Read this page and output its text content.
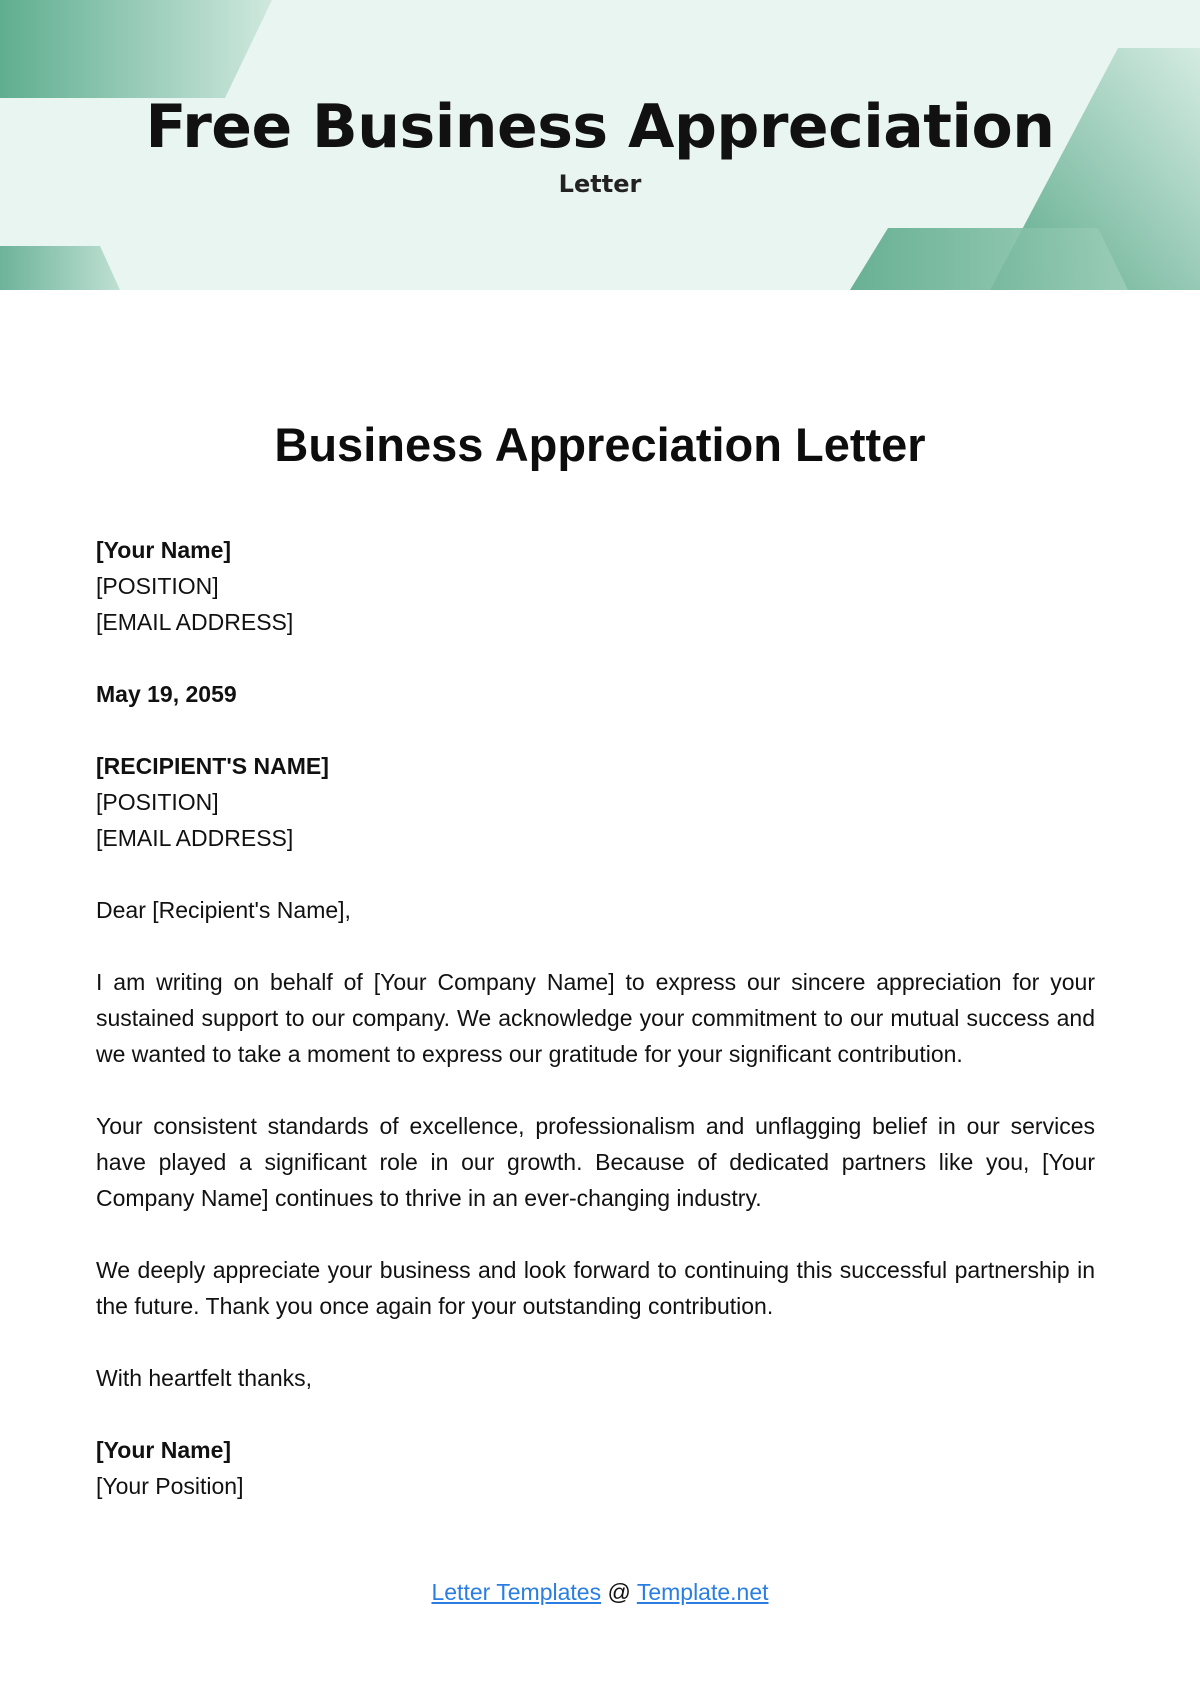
Free Business Appreciation
Letter
Business Appreciation Letter
[Your Name]
[POSITION]
[EMAIL ADDRESS]
May 19, 2059
[RECIPIENT'S NAME]
[POSITION]
[EMAIL ADDRESS]
Dear [Recipient's Name],
I am writing on behalf of [Your Company Name] to express our sincere appreciation for your sustained support to our company. We acknowledge your commitment to our mutual success and we wanted to take a moment to express our gratitude for your significant contribution.
Your consistent standards of excellence, professionalism and unflagging belief in our services have played a significant role in our growth. Because of dedicated partners like you, [Your Company Name] continues to thrive in an ever-changing industry.
We deeply appreciate your business and look forward to continuing this successful partnership in the future. Thank you once again for your outstanding contribution.
With heartfelt thanks,
[Your Name]
[Your Position]
Letter Templates @ Template.net
